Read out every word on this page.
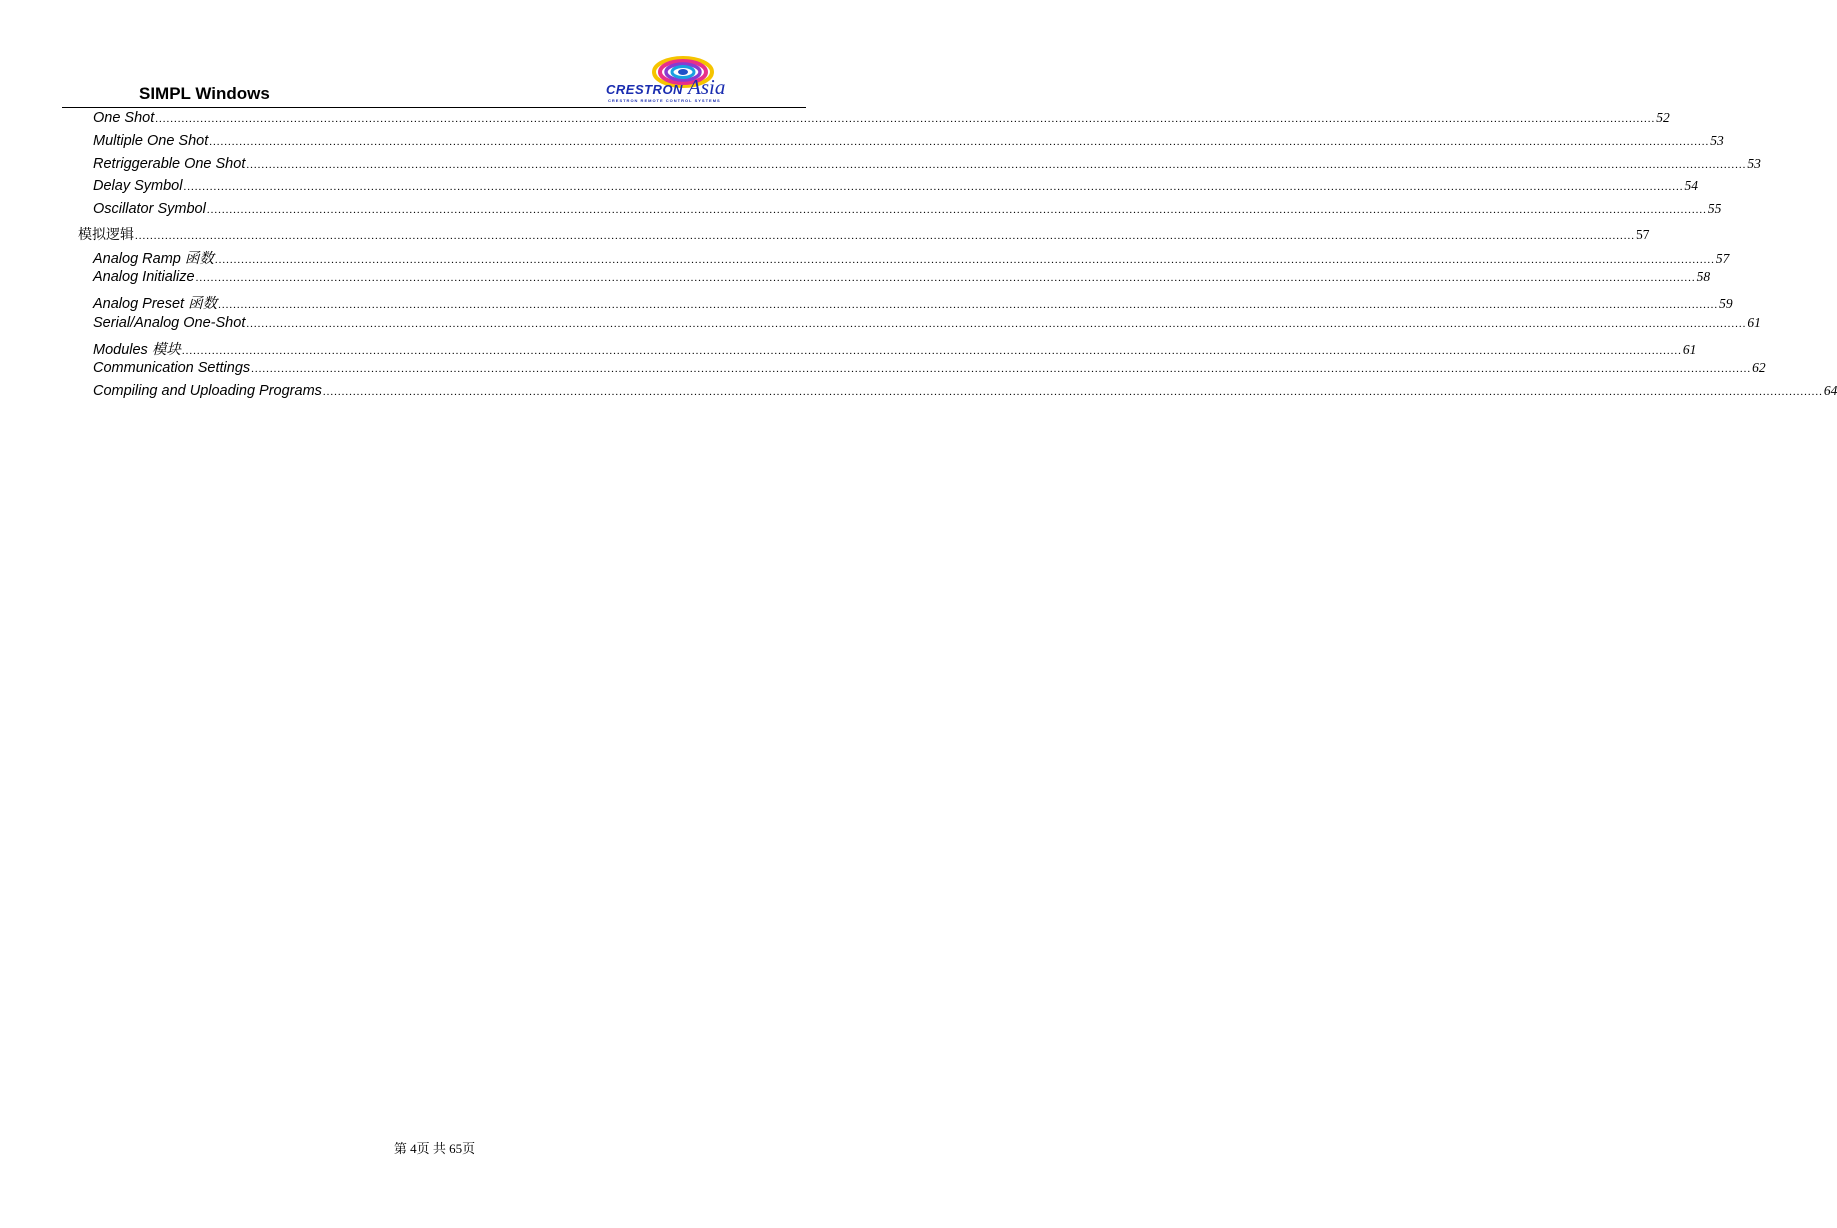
SIMPL Windows	CRESTRON Asia
CRESTRON REMOTE CONTROL SYSTEMS
One Shot ................................................................................................................................................................................................................................................................................................................................................................................................................ 52
Multiple One Shot ................................................................................................................................................................................................................................................................................................................................................................................................................ 53
Retriggerable One Shot ................................................................................................................................................................................................................................................................................................................................................................................................................ 53
Delay Symbol ................................................................................................................................................................................................................................................................................................................................................................................................................ 54
Oscillator Symbol ................................................................................................................................................................................................................................................................................................................................................................................................................ 55
模拟逻辑 ................................................................................................................................................................................................................................................................................................................................................................................................................ 57
Analog Ramp 函数 ................................................................................................................................................................................................................................................................................................................................................................................................................ 57
Analog Initialize ................................................................................................................................................................................................................................................................................................................................................................................................................ 58
Analog Preset 函数 ................................................................................................................................................................................................................................................................................................................................................................................................................ 59
Serial/Analog One-Shot ................................................................................................................................................................................................................................................................................................................................................................................................................ 61
Modules 模块 ................................................................................................................................................................................................................................................................................................................................................................................................................ 61
Communication Settings ................................................................................................................................................................................................................................................................................................................................................................................................................ 62
Compiling and Uploading Programs ................................................................................................................................................................................................................................................................................................................................................................................................................ 64
第 4页 共 65页
